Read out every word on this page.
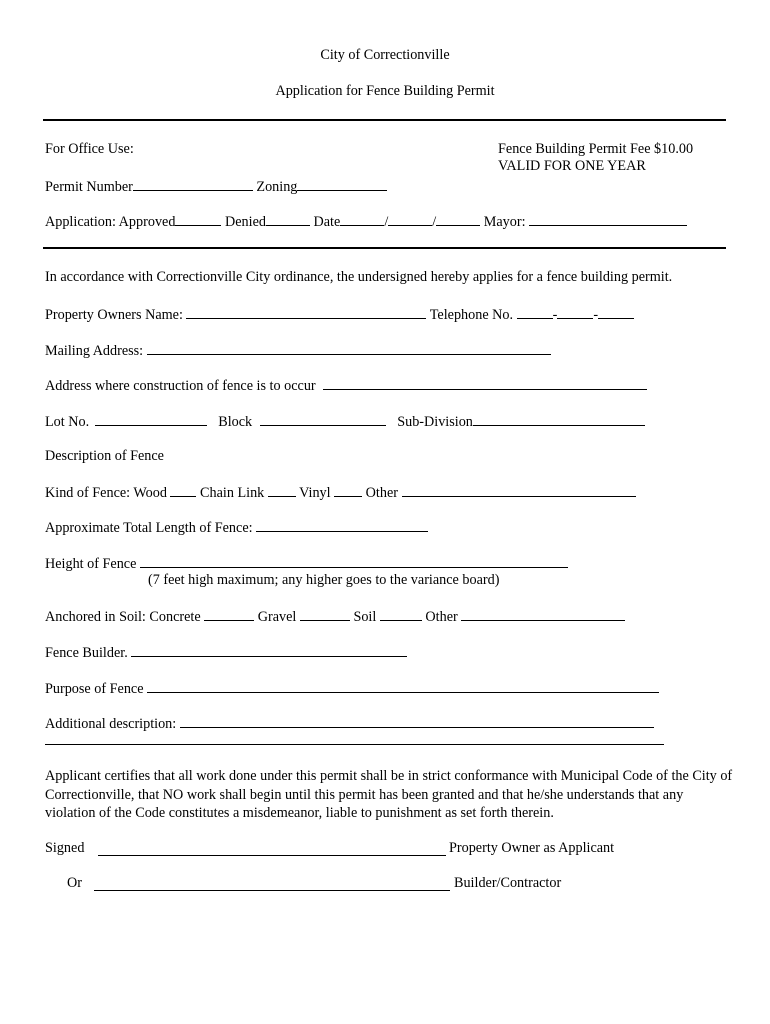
City of Correctionville
Application for Fence Building Permit
For Office Use:	Fence Building Permit Fee $10.00
VALID FOR ONE YEAR
Permit Number	Zoning
Application: Approved	Denied	Date	/	/	Mayor:
In accordance with Correctionville City ordinance, the undersigned hereby applies for a fence building permit.
Property Owners Name:	Telephone No.	-	-
Mailing Address:
Address where construction of fence is to occur
Lot No.	Block	Sub-Division
Description of Fence
Kind of Fence: Wood Chain Link Vinyl Other
Approximate Total Length of Fence:
Height of Fence
(7 feet high maximum; any higher goes to the variance board)
Anchored in Soil: Concrete	Gravel	Soil	Other
Fence Builder.
Purpose of Fence
Additional description:
Applicant certifies that all work done under this permit shall be in strict conformance with Municipal Code of the City of Correctionville, that NO work shall begin until this permit has been granted and that he/she understands that any violation of the Code constitutes a misdemeanor, liable to punishment as set forth therein.
Signed	Property Owner as Applicant
Or	Builder/Contractor
